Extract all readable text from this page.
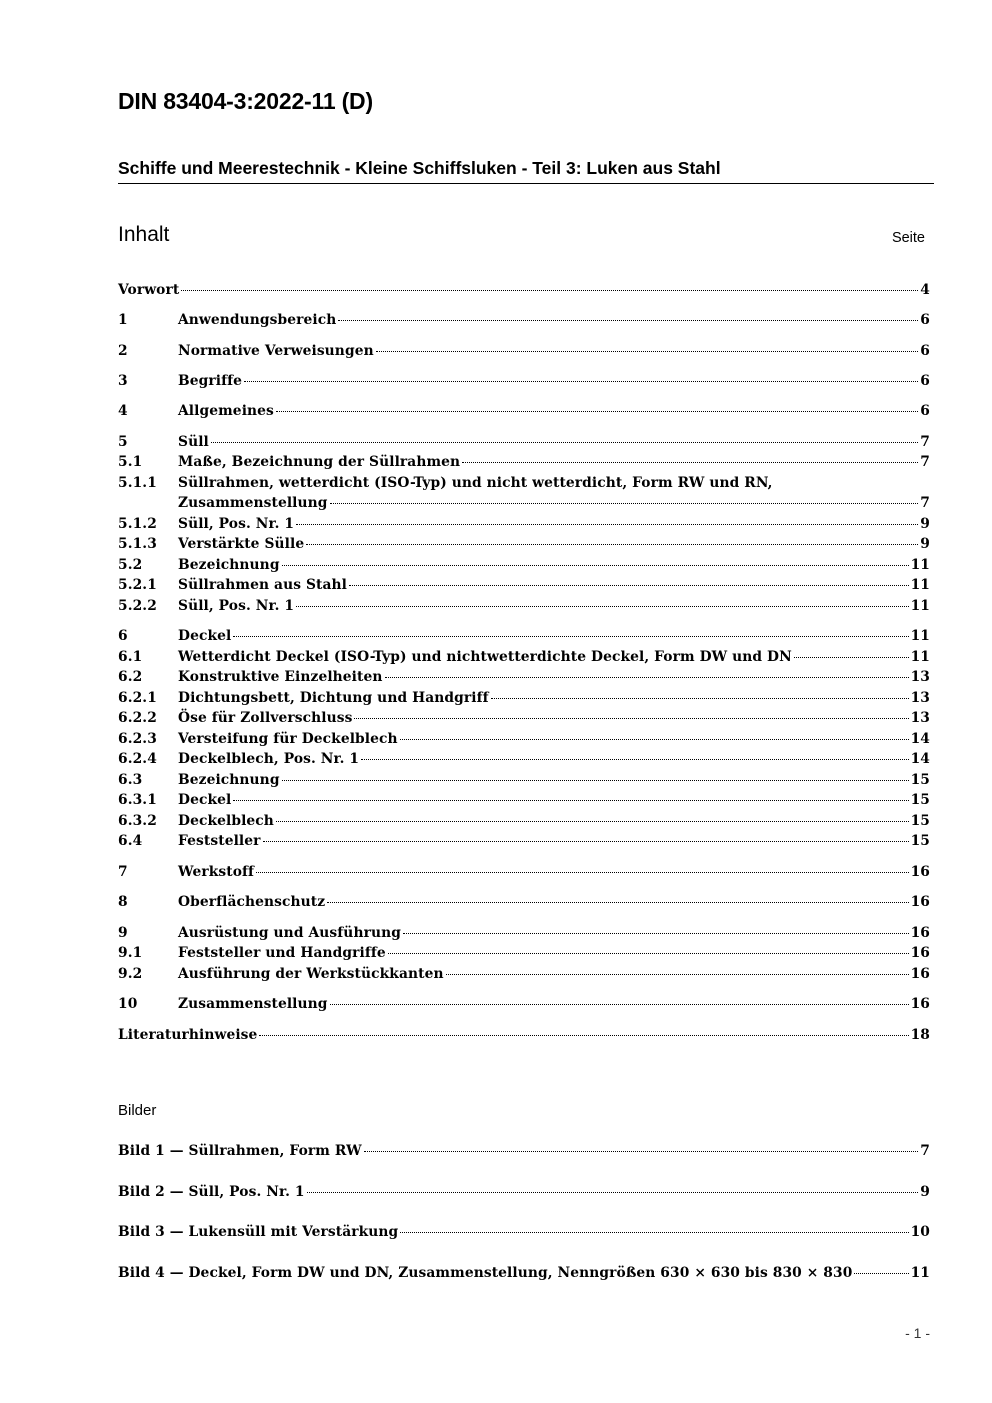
DIN 83404-3:2022-11 (D)
Schiffe und Meerestechnik - Kleine Schiffsluken - Teil 3: Luken aus Stahl
Inhalt	Seite
Vorwort	4
1	Anwendungsbereich	6
2	Normative Verweisungen	6
3	Begriffe	6
4	Allgemeines	6
5	Süll	7
5.1	Maße, Bezeichnung der Süllrahmen	7
5.1.1	Süllrahmen, wetterdicht (ISO-Typ) und nicht wetterdicht, Form RW und RN,
Zusammenstellung	7
5.1.2	Süll, Pos. Nr. 1	9
5.1.3	Verstärkte Sülle	9
5.2	Bezeichnung	11
5.2.1	Süllrahmen aus Stahl	11
5.2.2	Süll, Pos. Nr. 1	11
6	Deckel	11
6.1	Wetterdicht Deckel (ISO-Typ) und nichtwetterdichte Deckel, Form DW und DN	11
6.2	Konstruktive Einzelheiten	13
6.2.1	Dichtungsbett, Dichtung und Handgriff	13
6.2.2	Öse für Zollverschluss	13
6.2.3	Versteifung für Deckelblech	14
6.2.4	Deckelblech, Pos. Nr. 1	14
6.3	Bezeichnung	15
6.3.1	Deckel	15
6.3.2	Deckelblech	15
6.4	Feststeller	15
7	Werkstoff	16
8	Oberflächenschutz	16
9	Ausrüstung und Ausführung	16
9.1	Feststeller und Handgriffe	16
9.2	Ausführung der Werkstückkanten	16
10	Zusammenstellung	16
Literaturhinweise	18
Bilder
Bild 1 — Süllrahmen, Form RW	7
Bild 2 — Süll, Pos. Nr. 1	9
Bild 3 — Lukensüll mit Verstärkung	10
Bild 4 — Deckel, Form DW und DN, Zusammenstellung, Nenngrößen 630 × 630 bis 830 × 830	11
- 1 -
